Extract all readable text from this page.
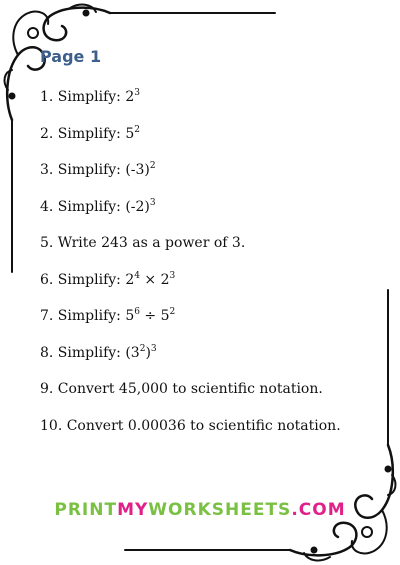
Page 1
1. Simplify: $2^3$
2. Simplify: $5^2$
3. Simplify: $(-3)^2$
4. Simplify: $(-2)^3$
5. Write 243 as a power of 3.
6. Simplify: $2^4 \times 2^3$
7. Simplify: $5^6 \div 5^2$
8. Simplify: $(3^2)^3$
9. Convert 45,000 to scientific notation.
10. Convert 0.00036 to scientific notation.
PRINTMYWORKSHEETS.COM
